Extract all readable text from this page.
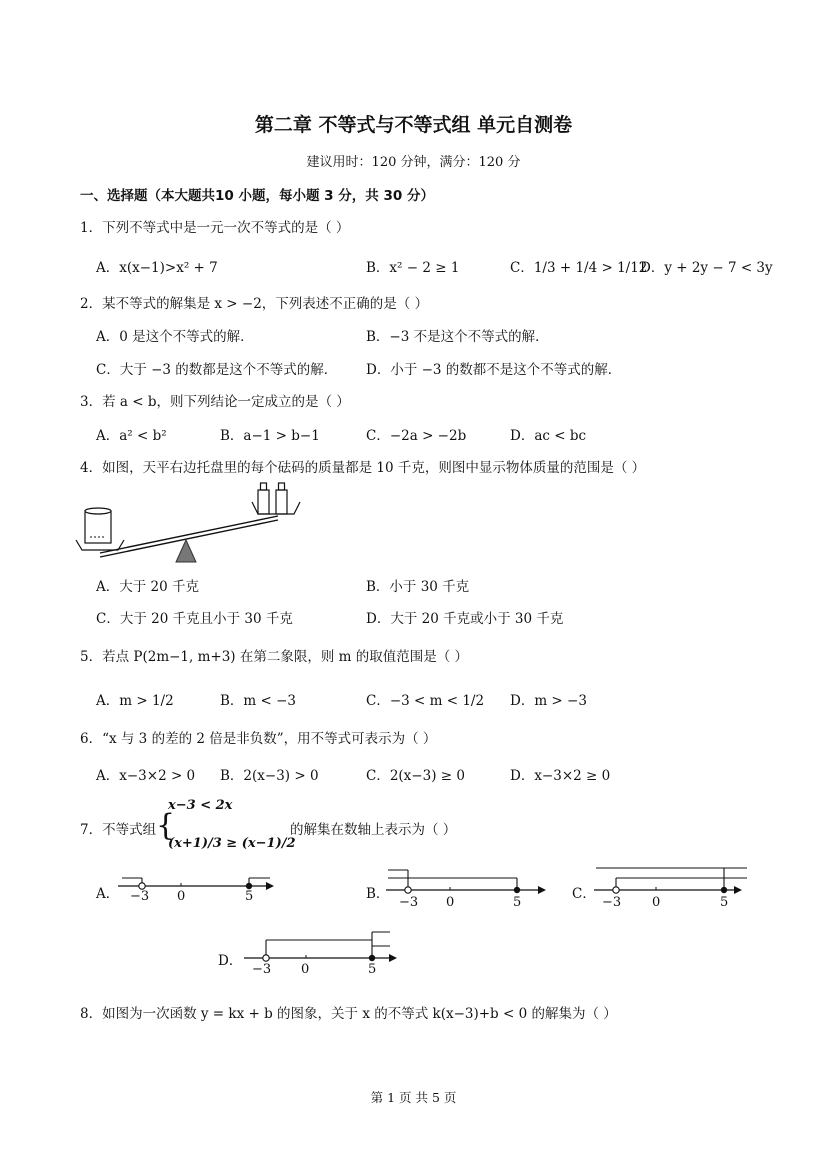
第二章 不等式与不等式组 单元自测卷
建议用时：120 分钟，满分：120 分
一、选择题（本大题共10 小题，每小题 3 分，共 30 分）
1．下列不等式中是一元一次不等式的是（ ）
A．x(x−1)>x² + 7	B．x² − 2 ≥ 1	C．1/3 + 1/4 > 1/12
D．y + 2y − 7 < 3y
2．某不等式的解集是 x > −2，下列表述不正确的是（ ）
A．0 是这个不等式的解．	B．−3 不是这个不等式的解．
C．大于 −3 的数都是这个不等式的解． D．小于 −3 的数都不是这个不等式的解．
3．若 a < b，则下列结论一定成立的是（ ）
A．a² < b²	B．a−1 > b−1	C．−2a > −2b	D．ac < bc
4．如图，天平右边托盘里的每个砝码的质量都是 10 千克，则图中显示物体质量的范围是（ ）
A．大于 20 千克	B．小于 30 千克
C．大于 20 千克且小于 30 千克	D．大于 20 千克或小于 30 千克
5．若点 P(2m−1, m+3) 在第二象限，则 m 的取值范围是（ ）
A．m > 1/2	B．m < −3	C．−3 < m < 1/2 D．m > −3
6．“x 与 3 的差的 2 倍是非负数”，用不等式可表示为（ ）
A．x−3×2 > 0 B．2(x−3) > 0	C．2(x−3) ≥ 0	D．x−3×2 ≥ 0
7．不等式组 {
x−3 < 2x
(x+1)/3 ≥ (x−1)/2
的解集在数轴上表示为（ ）
A． −3 0	5	B．
−3 0	5
C．
−3 0	5
D．
−3 0	5
8．如图为一次函数 y = kx + b 的图象，关于 x 的不等式 k(x−3)+b < 0 的解集为（ ）
第 1 页 共 5 页
